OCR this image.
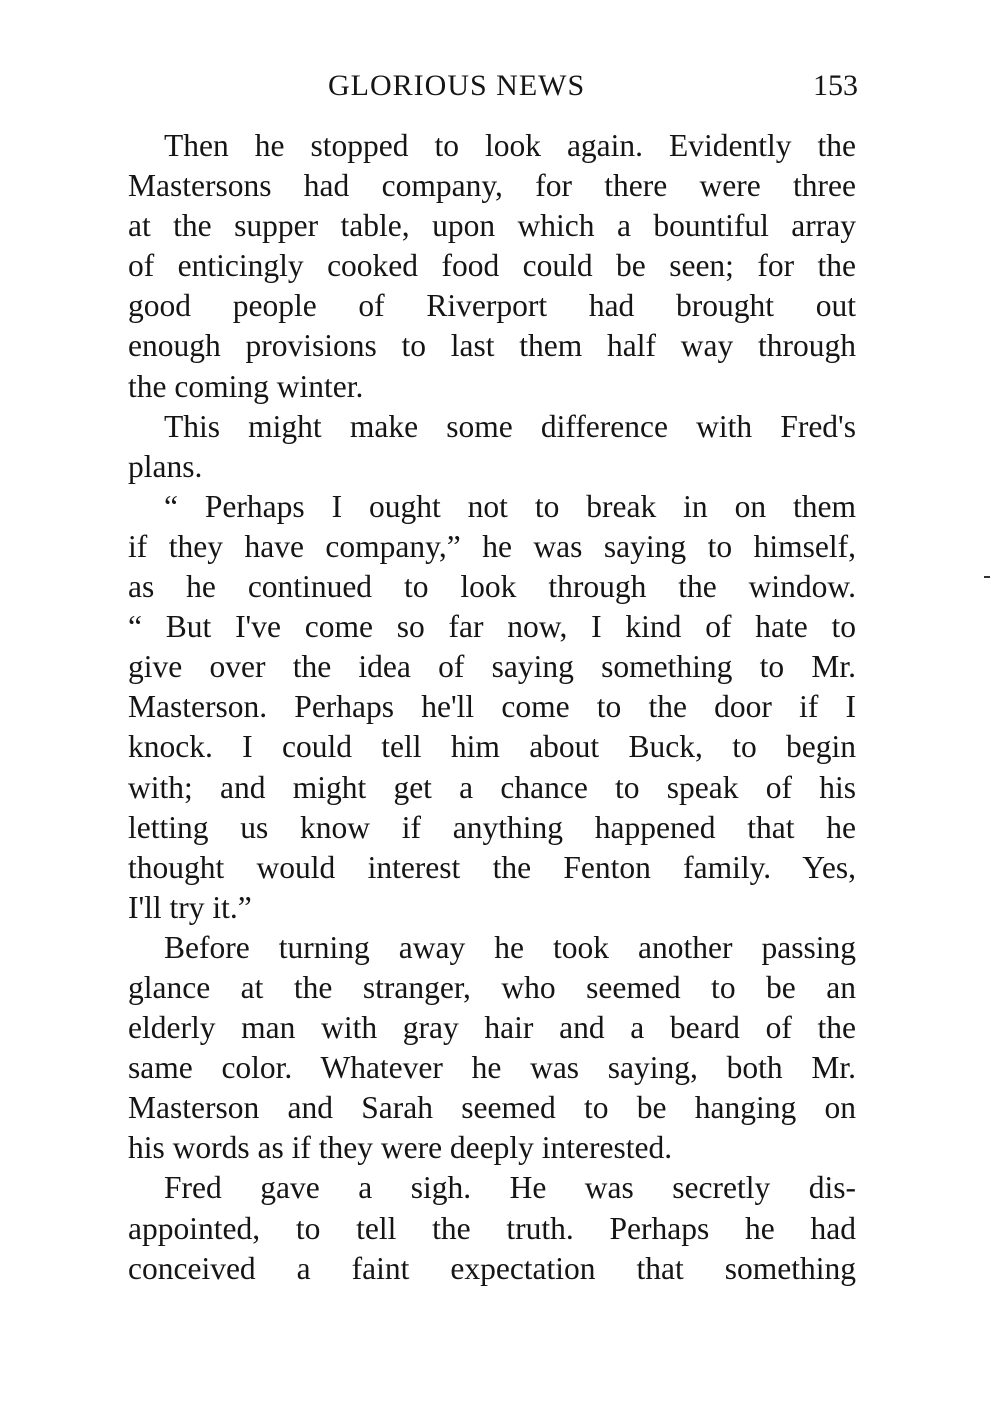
GLORIOUS NEWS	153
Then he stopped to look again. Evidently the
Mastersons had company, for there were three
at the supper table, upon which a bountiful array
of enticingly cooked food could be seen; for the
good people of Riverport had brought out
enough provisions to last them half way through
the coming winter.
This might make some difference with Fred's
plans.
“ Perhaps I ought not to break in on them
if they have company,” he was saying to himself,
as he continued to look through the window.
“ But I've come so far now, I kind of hate to
give over the idea of saying something to Mr.
Masterson. Perhaps he'll come to the door if I
knock. I could tell him about Buck, to begin
with; and might get a chance to speak of his
letting us know if anything happened that he
thought would interest the Fenton family. Yes,
I'll try it.”
Before turning away he took another passing
glance at the stranger, who seemed to be an
elderly man with gray hair and a beard of the
same color. Whatever he was saying, both Mr.
Masterson and Sarah seemed to be hanging on
his words as if they were deeply interested.
Fred gave a sigh. He was secretly dis-
appointed, to tell the truth. Perhaps he had
conceived a faint expectation that something
